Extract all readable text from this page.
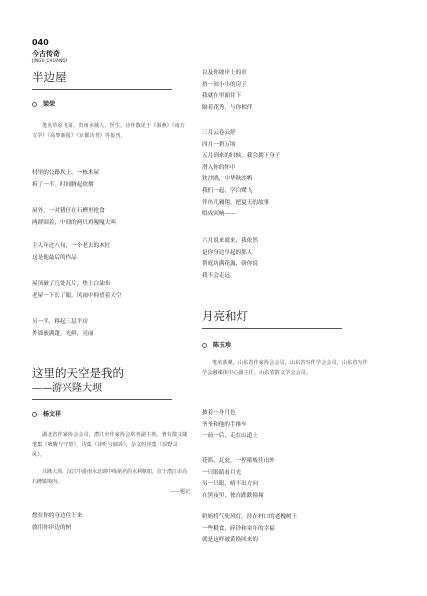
040
今古传奇
JINGU CHUANQI
半边屋
梁荣

笔名草原飞哥，贵州水城人，医生。诗作散见于《海燕》《南方文学》《高黎新报》《京都诗刊》等报刊。

村里的公路坎上，一栋木屋
拆了一半。时间腾起炊烟
屋外，一对猪仔在石槽里抢食
两群围着，中间的两只鸡嘎嘎大叫
主人年过八旬，一个老去的木匠
这是他最后的作品
屋顶破了几处瓦片，垫上白油布
老屋一下长了眼，风雨中仰望着天空
另一半，移起三层平房
外墙嵌满蓬，光鲜，亮丽
以及你坡岸上的章
捂一间小小的房子
我就在里面住下
隔着花秀，与你相伴
三月云卷云舒
四月一碧万顷
五月到来的时候，我会拥下身子
潜入你的怀中
狄沙鸥，中华秋沙鸭
我们一起，学白鹭飞
伴鱼儿翱翔，把夏天的故事
唱成回响——
六月说来就来，我依然
是你身边早起的那人
帮庭坊满花露，研你说
我不会走远
这里的天空是我的
——游兴隆大坝
杨文祥

湖北省作家协会会员，潜江市作家协会常务副主席。著有散文随笔集《吸嗨与守望》，诗集《诗听与倾诉》，杂文时评集《原野灵风》。

兴隆大坝，汉江中游南水北调中线第名的水利枢纽，位于潜江市高石碑镇境内。
——题记
想在你的身边住下来
就用你岸边的树
月亮和灯
陈玉珍

笔名蓝翼，山东省作家协会会员，山东省写作学会会员，山东省写作学会融媒体中心副主任，山东省散文学会会员。

披着一身月色
爷爷和他的手推车
一前一后，走在山道上
花篮，瓦瓮，一捏箍贩往山外
一只眼睛看月光
另一只眼，晴不出方向
在黑夜里，独自跌跌撞撞
奶奶将气死风灯，挂在村口的老槐树上
一些粮食，碎钞和童年的幸福
就是这样被黄换回来的
